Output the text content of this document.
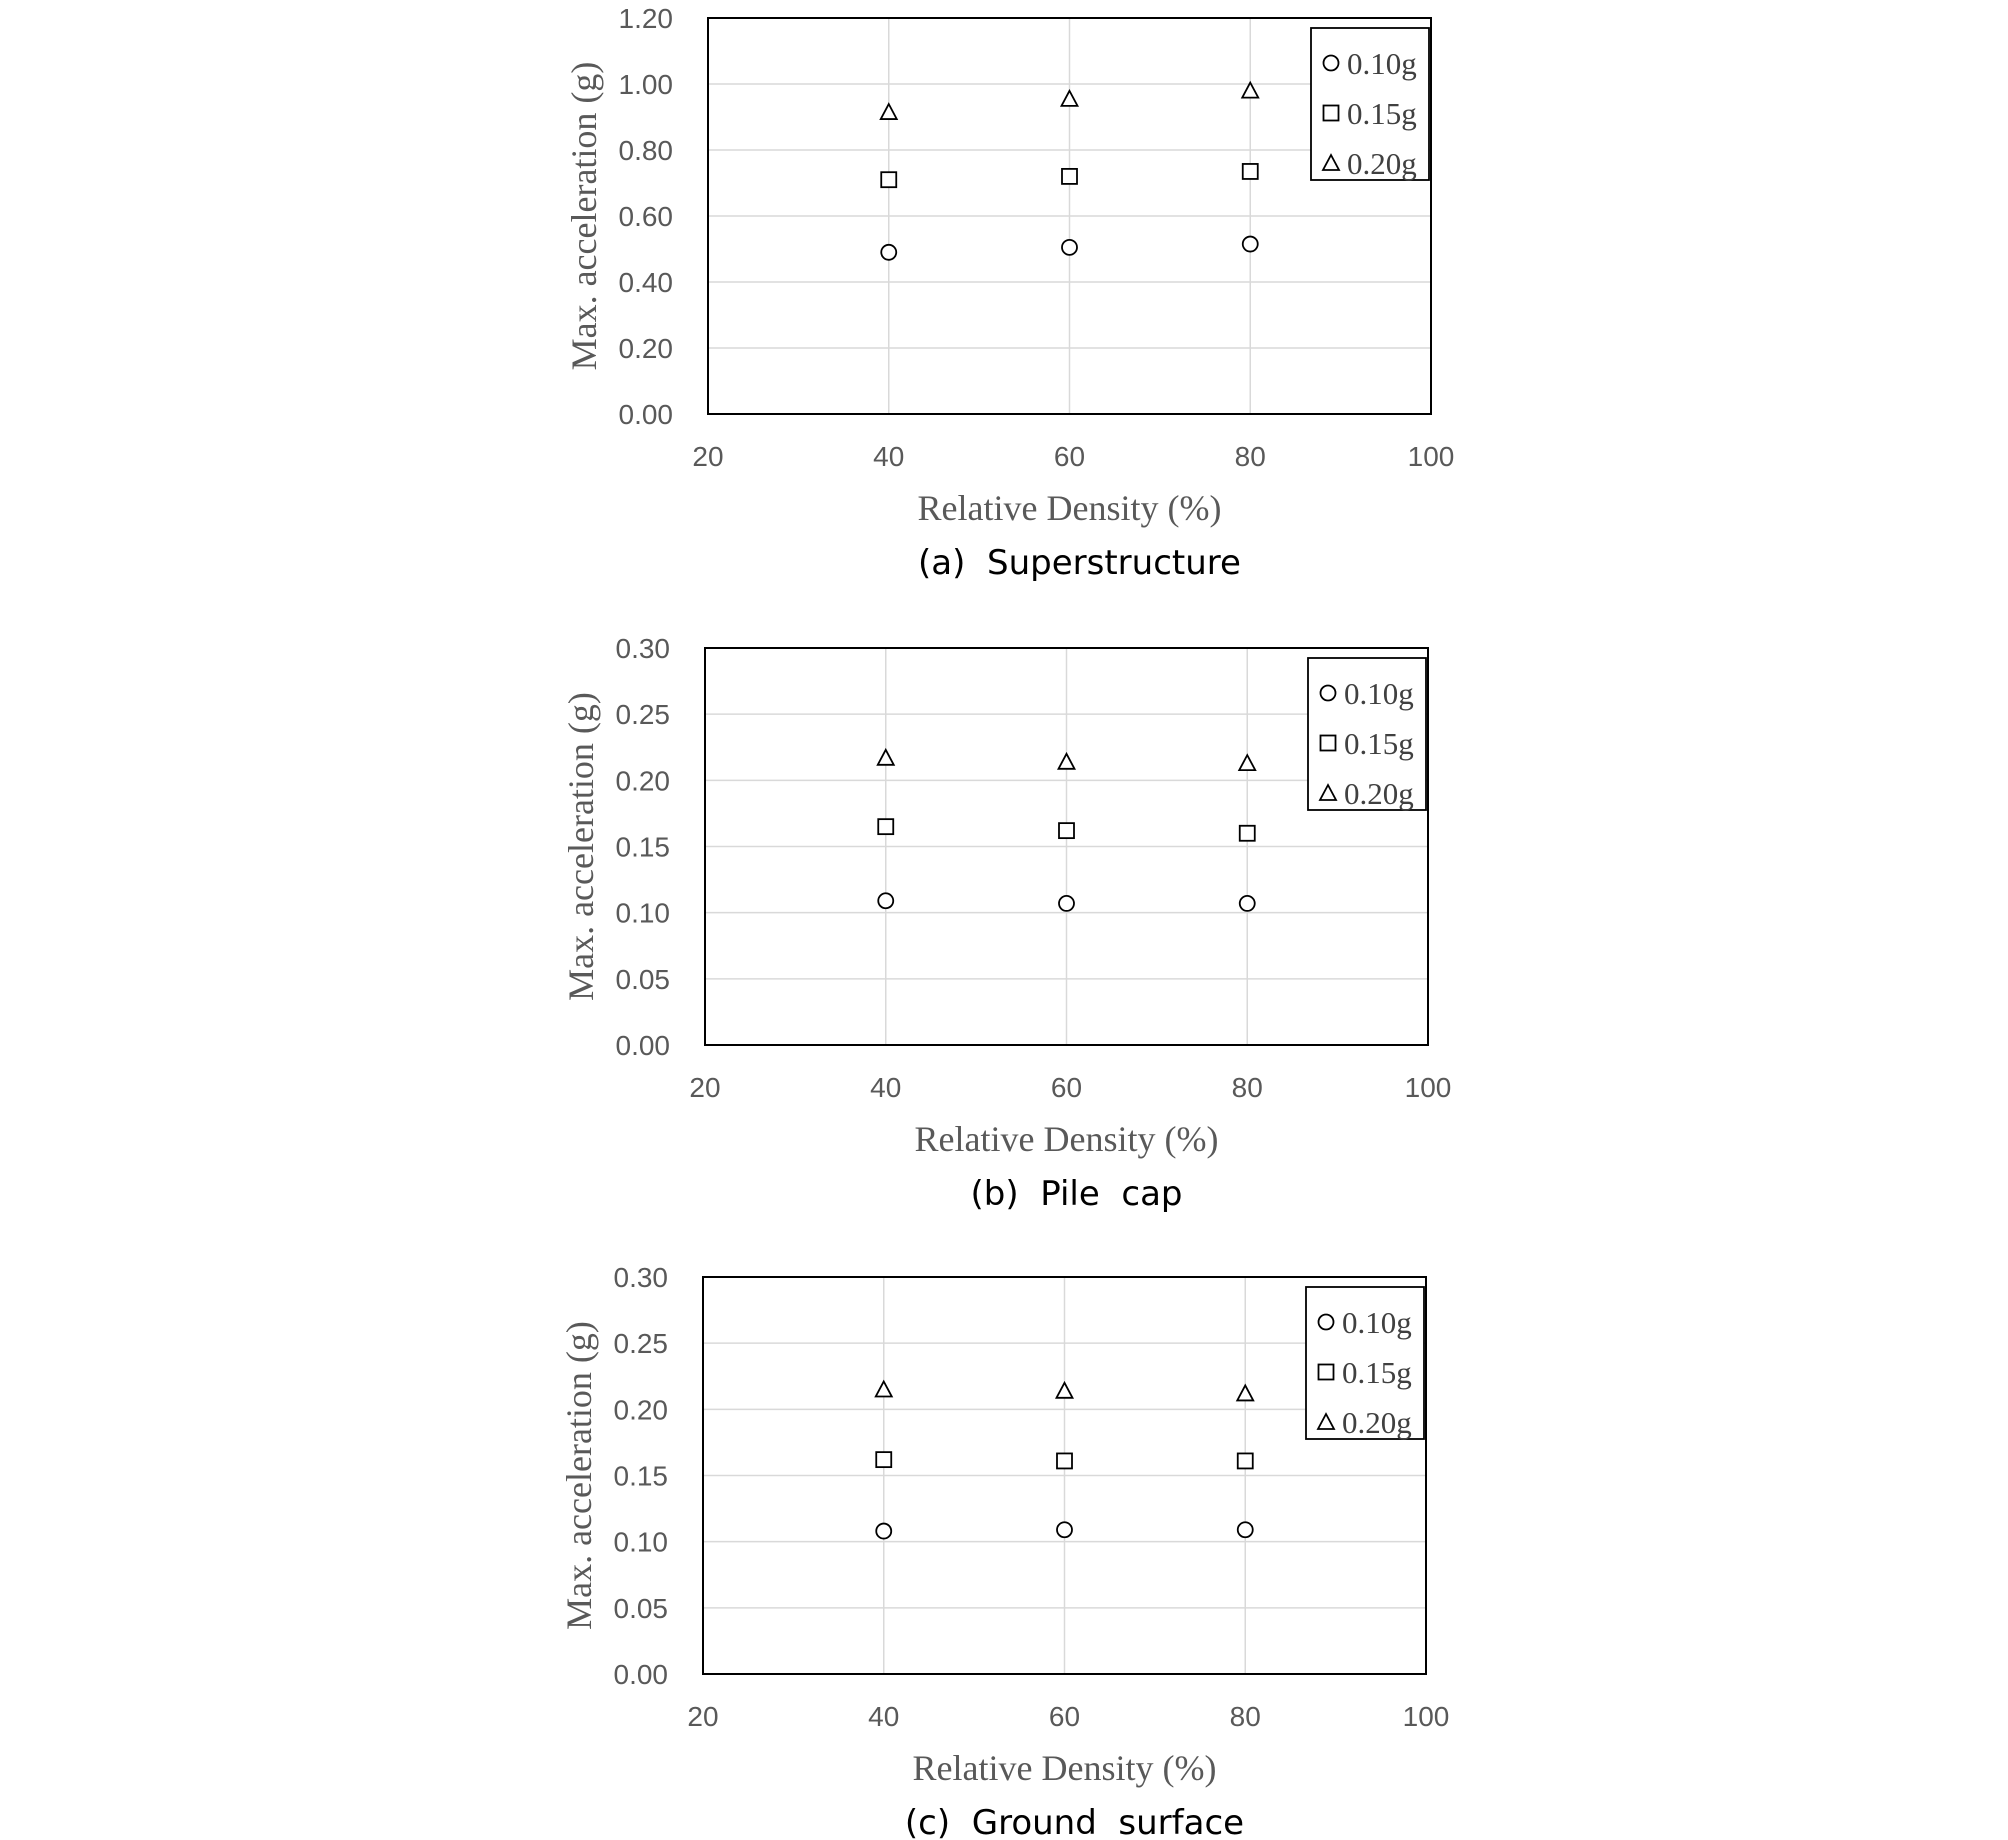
0.00
0.20
0.40
0.60
0.80
1.00
1.20
20	40	60	80	100
Relative Density (%)
Max. acceleration (g)	0.10g
0.15g
0.20g
(a)  Superstructure
0.00
0.05
0.10
0.15
0.20
0.25
0.30
20	40	60	80	100
Relative Density (%)
Max. acceleration (g)	0.10g
0.15g
0.20g
(b)  Pile  cap
0.00
0.05
0.10
0.15
0.20
0.25
0.30
20	40	60	80	100
Relative Density (%)
Max. acceleration (g)	0.10g
0.15g
0.20g
(c)  Ground  surface
